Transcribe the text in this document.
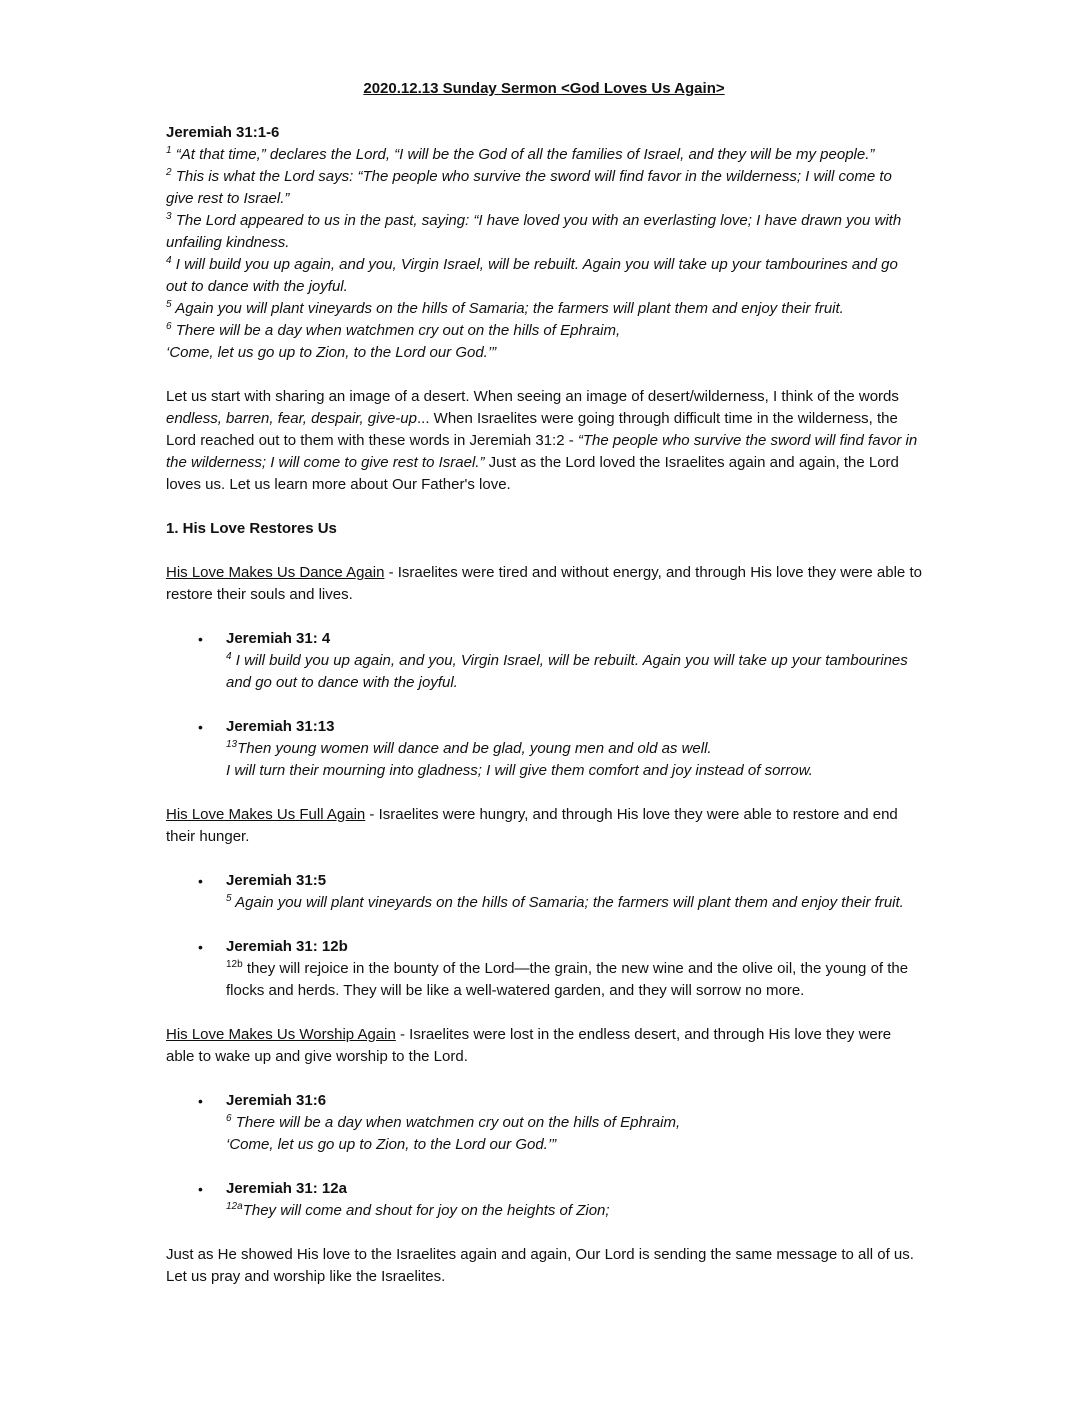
2020.12.13 Sunday Sermon <God Loves Us Again>
Jeremiah 31:1-6
$^1$ “At that time,” declares the Lord, “I will be the God of all the families of Israel, and they will be my people.”
$^2$ This is what the Lord says: “The people who survive the sword will find favor in the wilderness; I will come to give rest to Israel.”
$^3$ The Lord appeared to us in the past, saying: “I have loved you with an everlasting love; I have drawn you with unfailing kindness.
$^4$ I will build you up again, and you, Virgin Israel, will be rebuilt. Again you will take up your tambourines and go out to dance with the joyful.
$^5$ Again you will plant vineyards on the hills of Samaria; the farmers will plant them and enjoy their fruit.
$^6$ There will be a day when watchmen cry out on the hills of Ephraim,
‘Come, let us go up to Zion, to the Lord our God.’”

Let us start with sharing an image of a desert. When seeing an image of desert/wilderness, I think of the words endless, barren, fear, despair, give-up... When Israelites were going through difficult time in the wilderness, the Lord reached out to them with these words in Jeremiah 31:2 - “The people who survive the sword will find favor in the wilderness; I will come to give rest to Israel.” Just as the Lord loved the Israelites again and again, the Lord loves us. Let us learn more about Our Father's love.

1. His Love Restores Us

His Love Makes Us Dance Again - Israelites were tired and without energy, and through His love they were able to restore their souls and lives.

• Jeremiah 31: 4
$^4$ I will build you up again, and you, Virgin Israel, will be rebuilt. Again you will take up your tambourines and go out to dance with the joyful.
• Jeremiah 31:13
$^{13}$Then young women will dance and be glad, young men and old as well.
I will turn their mourning into gladness; I will give them comfort and joy instead of sorrow.

His Love Makes Us Full Again - Israelites were hungry, and through His love they were able to restore and end their hunger.

• Jeremiah 31:5
$^5$ Again you will plant vineyards on the hills of Samaria; the farmers will plant them and enjoy their fruit.
• Jeremiah 31: 12b
$^{12b}$ they will rejoice in the bounty of the Lord—the grain, the new wine and the olive oil, the young of the flocks and herds. They will be like a well-watered garden, and they will sorrow no more.

His Love Makes Us Worship Again - Israelites were lost in the endless desert, and through His love they were able to wake up and give worship to the Lord.

• Jeremiah 31:6
$^6$ There will be a day when watchmen cry out on the hills of Ephraim,
‘Come, let us go up to Zion, to the Lord our God.’”
• Jeremiah 31: 12a
$^{12a}$They will come and shout for joy on the heights of Zion;

Just as He showed His love to the Israelites again and again, Our Lord is sending the same message to all of us. Let us pray and worship like the Israelites.
